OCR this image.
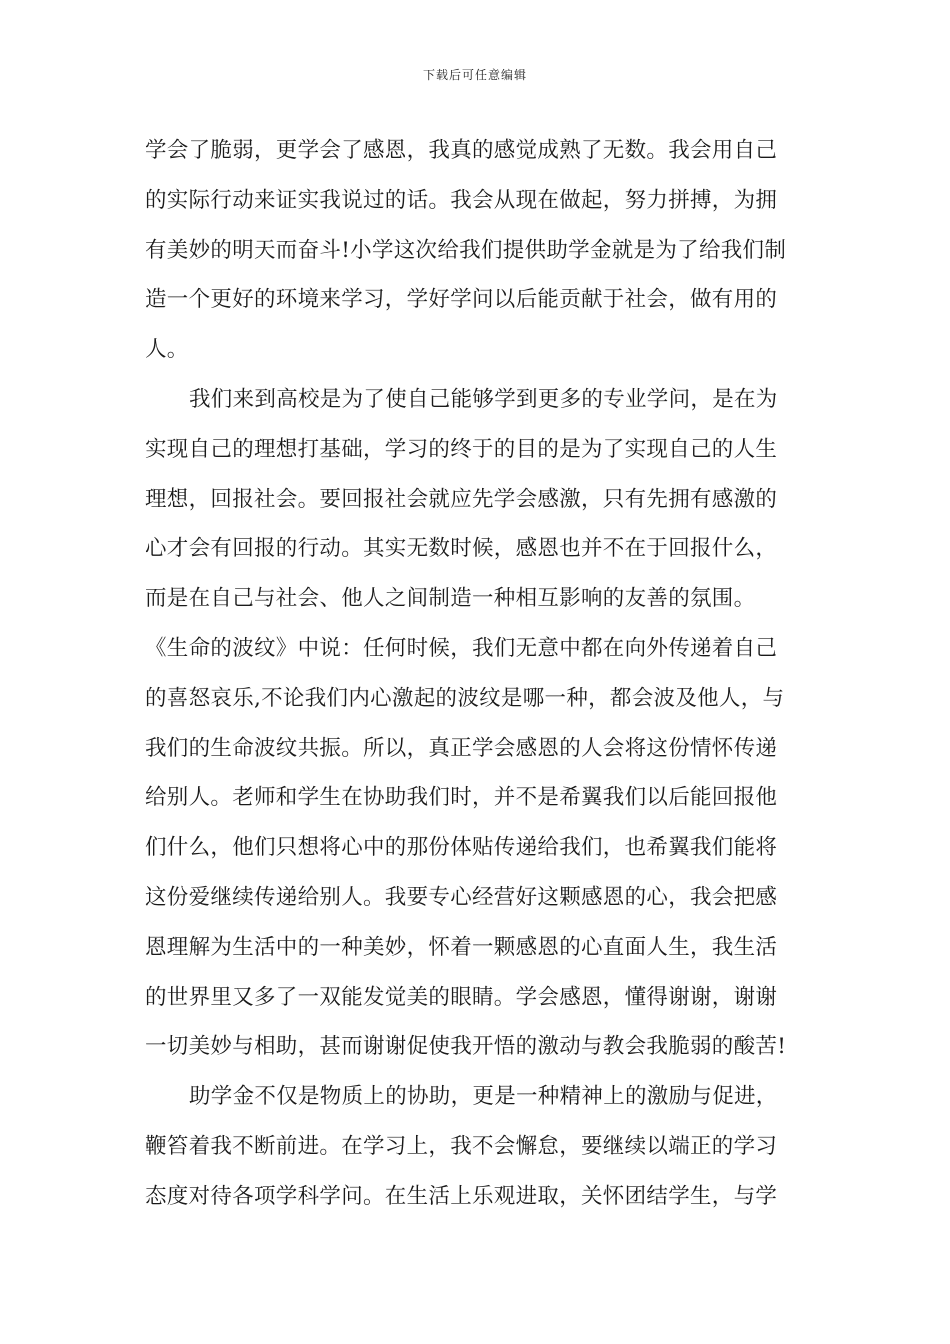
下载后可任意编辑
学会了脆弱，更学会了感恩，我真的感觉成熟了无数。我会用自己
的实际行动来证实我说过的话。我会从现在做起，努力拼搏，为拥
有美妙的明天而奋斗!小学这次给我们提供助学金就是为了给我们制
造一个更好的环境来学习，学好学问以后能贡献于社会，做有用的
人。
我们来到高校是为了使自己能够学到更多的专业学问，是在为
实现自己的理想打基础，学习的终于的目的是为了实现自己的人生
理想，回报社会。要回报社会就应先学会感激，只有先拥有感激的
心才会有回报的行动。其实无数时候，感恩也并不在于回报什么，
而是在自己与社会、他人之间制造一种相互影响的友善的氛围。
《生命的波纹》中说：任何时候，我们无意中都在向外传递着自己
的喜怒哀乐,不论我们内心激起的波纹是哪一种，都会波及他人，与
我们的生命波纹共振。所以，真正学会感恩的人会将这份情怀传递
给别人。老师和学生在协助我们时，并不是希翼我们以后能回报他
们什么，他们只想将心中的那份体贴传递给我们，也希翼我们能将
这份爱继续传递给别人。我要专心经营好这颗感恩的心，我会把感
恩理解为生活中的一种美妙，怀着一颗感恩的心直面人生，我生活
的世界里又多了一双能发觉美的眼睛。学会感恩，懂得谢谢，谢谢
一切美妙与相助，甚而谢谢促使我开悟的激动与教会我脆弱的酸苦!
助学金不仅是物质上的协助，更是一种精神上的激励与促进，
鞭笞着我不断前进。在学习上，我不会懈怠，要继续以端正的学习
态度对待各项学科学问。在生活上乐观进取，关怀团结学生，与学
